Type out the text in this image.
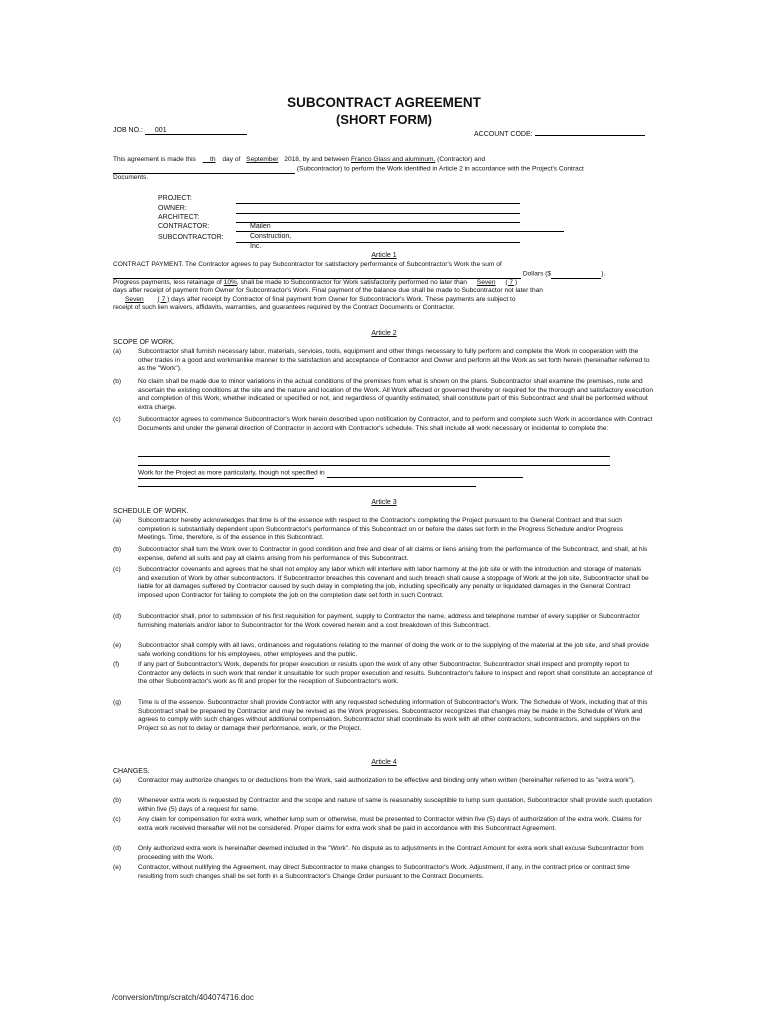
SUBCONTRACT AGREEMENT
(SHORT FORM)
JOB NO.: 001
ACCOUNT CODE:
This agreement is made this __th day of September 2018, by and between Franco Glass and aluminum. (Contractor) and
(Subcontractor) to perform the Work identified in Article 2 in accordance with the Project's Contract
Documents.
PROJECT:
OWNER:
ARCHITECT:
CONTRACTOR:	Mailen Construction, Inc.
SUBCONTRACTOR:
Article 1
CONTRACT PAYMENT. The Contractor agrees to pay Subcontractor for satisfactory performance of Subcontractor's Work the sum of
Dollars ($	).
Progress payments, less retainage of 10%, shall be made to Subcontractor for Work satisfactorily performed no later than Seven ( 7 )
days after receipt of payment from Owner for Subcontractor's Work. Final payment of the balance due shall be made to Subcontractor not later than
Seven ( 7 ) days after receipt by Contractor of final payment from Owner for Subcontractor's Work. These payments are subject to
receipt of such lien waivers, affidavits, warranties, and guarantees required by the Contract Documents or Contractor.
Article 2
SCOPE OF WORK.
(a)	Subcontractor shall furnish necessary labor, materials, services, tools, equipment and other things necessary to fully perform and complete the Work in cooperation with the other trades in a good and workmanlike manner to the satisfaction and acceptance of Contractor and Owner and perform all the Work as set forth herein (hereinafter referred to as the "Work").
(b)	No claim shall be made due to minor variations in the actual conditions of the premises from what is shown on the plans. Subcontractor shall examine the premises, note and ascertain the existing conditions at the site and the nature and location of the Work. All Work affected or governed thereby or required for the thorough and satisfactory execution and completion of this Work, whether indicated or specified or not, and regardless of quantity estimated, shall constitute part of this Subcontract and shall be performed without extra charge.
(c)	Subcontractor agrees to commence Subcontractor's Work herein described upon notification by Contractor, and to perform and complete such Work in accordance with Contract Documents and under the general direction of Contractor in accord with Contractor's schedule. This shall include all work necessary or incidental to complete the:
Work for the Project as more particularly, though not specified in
Article 3
SCHEDULE OF WORK.
(a)	Subcontractor hereby acknowledges that time is of the essence with respect to the Contractor's completing the Project pursuant to the General Contract and that such completion is substantially dependent upon Subcontractor's performance of this Subcontract on or before the dates set forth in the Progress Schedule and/or Progress Meetings. Time, therefore, is of the essence in this Subcontract.
(b)	Subcontractor shall turn the Work over to Contractor in good condition and free and clear of all claims or liens arising from the performance of the Subcontract, and shall, at his expense, defend all suits and pay all claims arising from his performance of this Subcontract.
(c)	Subcontractor covenants and agrees that he shall not employ any labor which will interfere with labor harmony at the job site or with the introduction and storage of materials and execution of Work by other subcontractors. If Subcontractor breaches this covenant and such breach shall cause a stoppage of Work at the job site, Subcontractor shall be liable for all damages suffered by Contractor caused by such delay in completing the job, including specifically any penalty or liquidated damages in the General Contract imposed upon Contractor for failing to complete the job on the completion date set forth in such Contract.
(d)	Subcontractor shall, prior to submission of his first requisition for payment, supply to Contractor the name, address and telephone number of every supplier or Subcontractor furnishing materials and/or labor to Subcontractor for the Work covered herein and a cost breakdown of this Subcontract.
(e)	Subcontractor shall comply with all laws, ordinances and regulations relating to the manner of doing the work or to the supplying of the material at the job site, and shall provide safe working conditions for his employees, other employees and the public.
(f)	If any part of Subcontractor's Work, depends for proper execution or results upon the work of any other Subcontractor, Subcontractor shall inspect and promptly report to Contractor any defects in such work that render it unsuitable for such proper execution and results. Subcontractor's failure to inspect and report shall constitute an acceptance of the other Subcontractor's work as fit and proper for the reception of Subcontractor's work.
(g)	Time is of the essence. Subcontractor shall provide Contractor with any requested scheduling information of Subcontractor's Work. The Schedule of Work, including that of this Subcontract shall be prepared by Contractor and may be revised as the Work progresses. Subcontractor recognizes that changes may be made in the Schedule of Work and agrees to comply with such changes without additional compensation. Subcontractor shall coordinate its work with all other contractors, subcontractors, and suppliers on the Project so as not to delay or damage their performance, work, or the Project.
Article 4
CHANGES.
(a)	Contractor may authorize changes to or deductions from the Work, said authorization to be effective and binding only when written (hereinafter referred to as "extra work").
(b)	Whenever extra work is requested by Contractor and the scope and nature of same is reasonably susceptible to lump sum quotation, Subcontractor shall provide such quotation within five (5) days of a request for same.
(c)	Any claim for compensation for extra work, whether lump sum or otherwise, must be presented to Contractor within five (5) days of authorization of the extra work. Claims for extra work received thereafter will not be considered. Proper claims for extra work shall be paid in accordance with this Subcontract Agreement.
(d)	Only authorized extra work is hereinafter deemed included in the "Work". No dispute as to adjustments in the Contract Amount for extra work shall excuse Subcontractor from proceeding with the Work.
(e)	Contractor, without nullifying the Agreement, may direct Subcontractor to make changes to Subcontractor's Work. Adjustment, if any, in the contract price or contract time resulting from such changes shall be set forth in a Subcontractor's Change Order pursuant to the Contract Documents.
/conversion/tmp/scratch/404074716.doc
